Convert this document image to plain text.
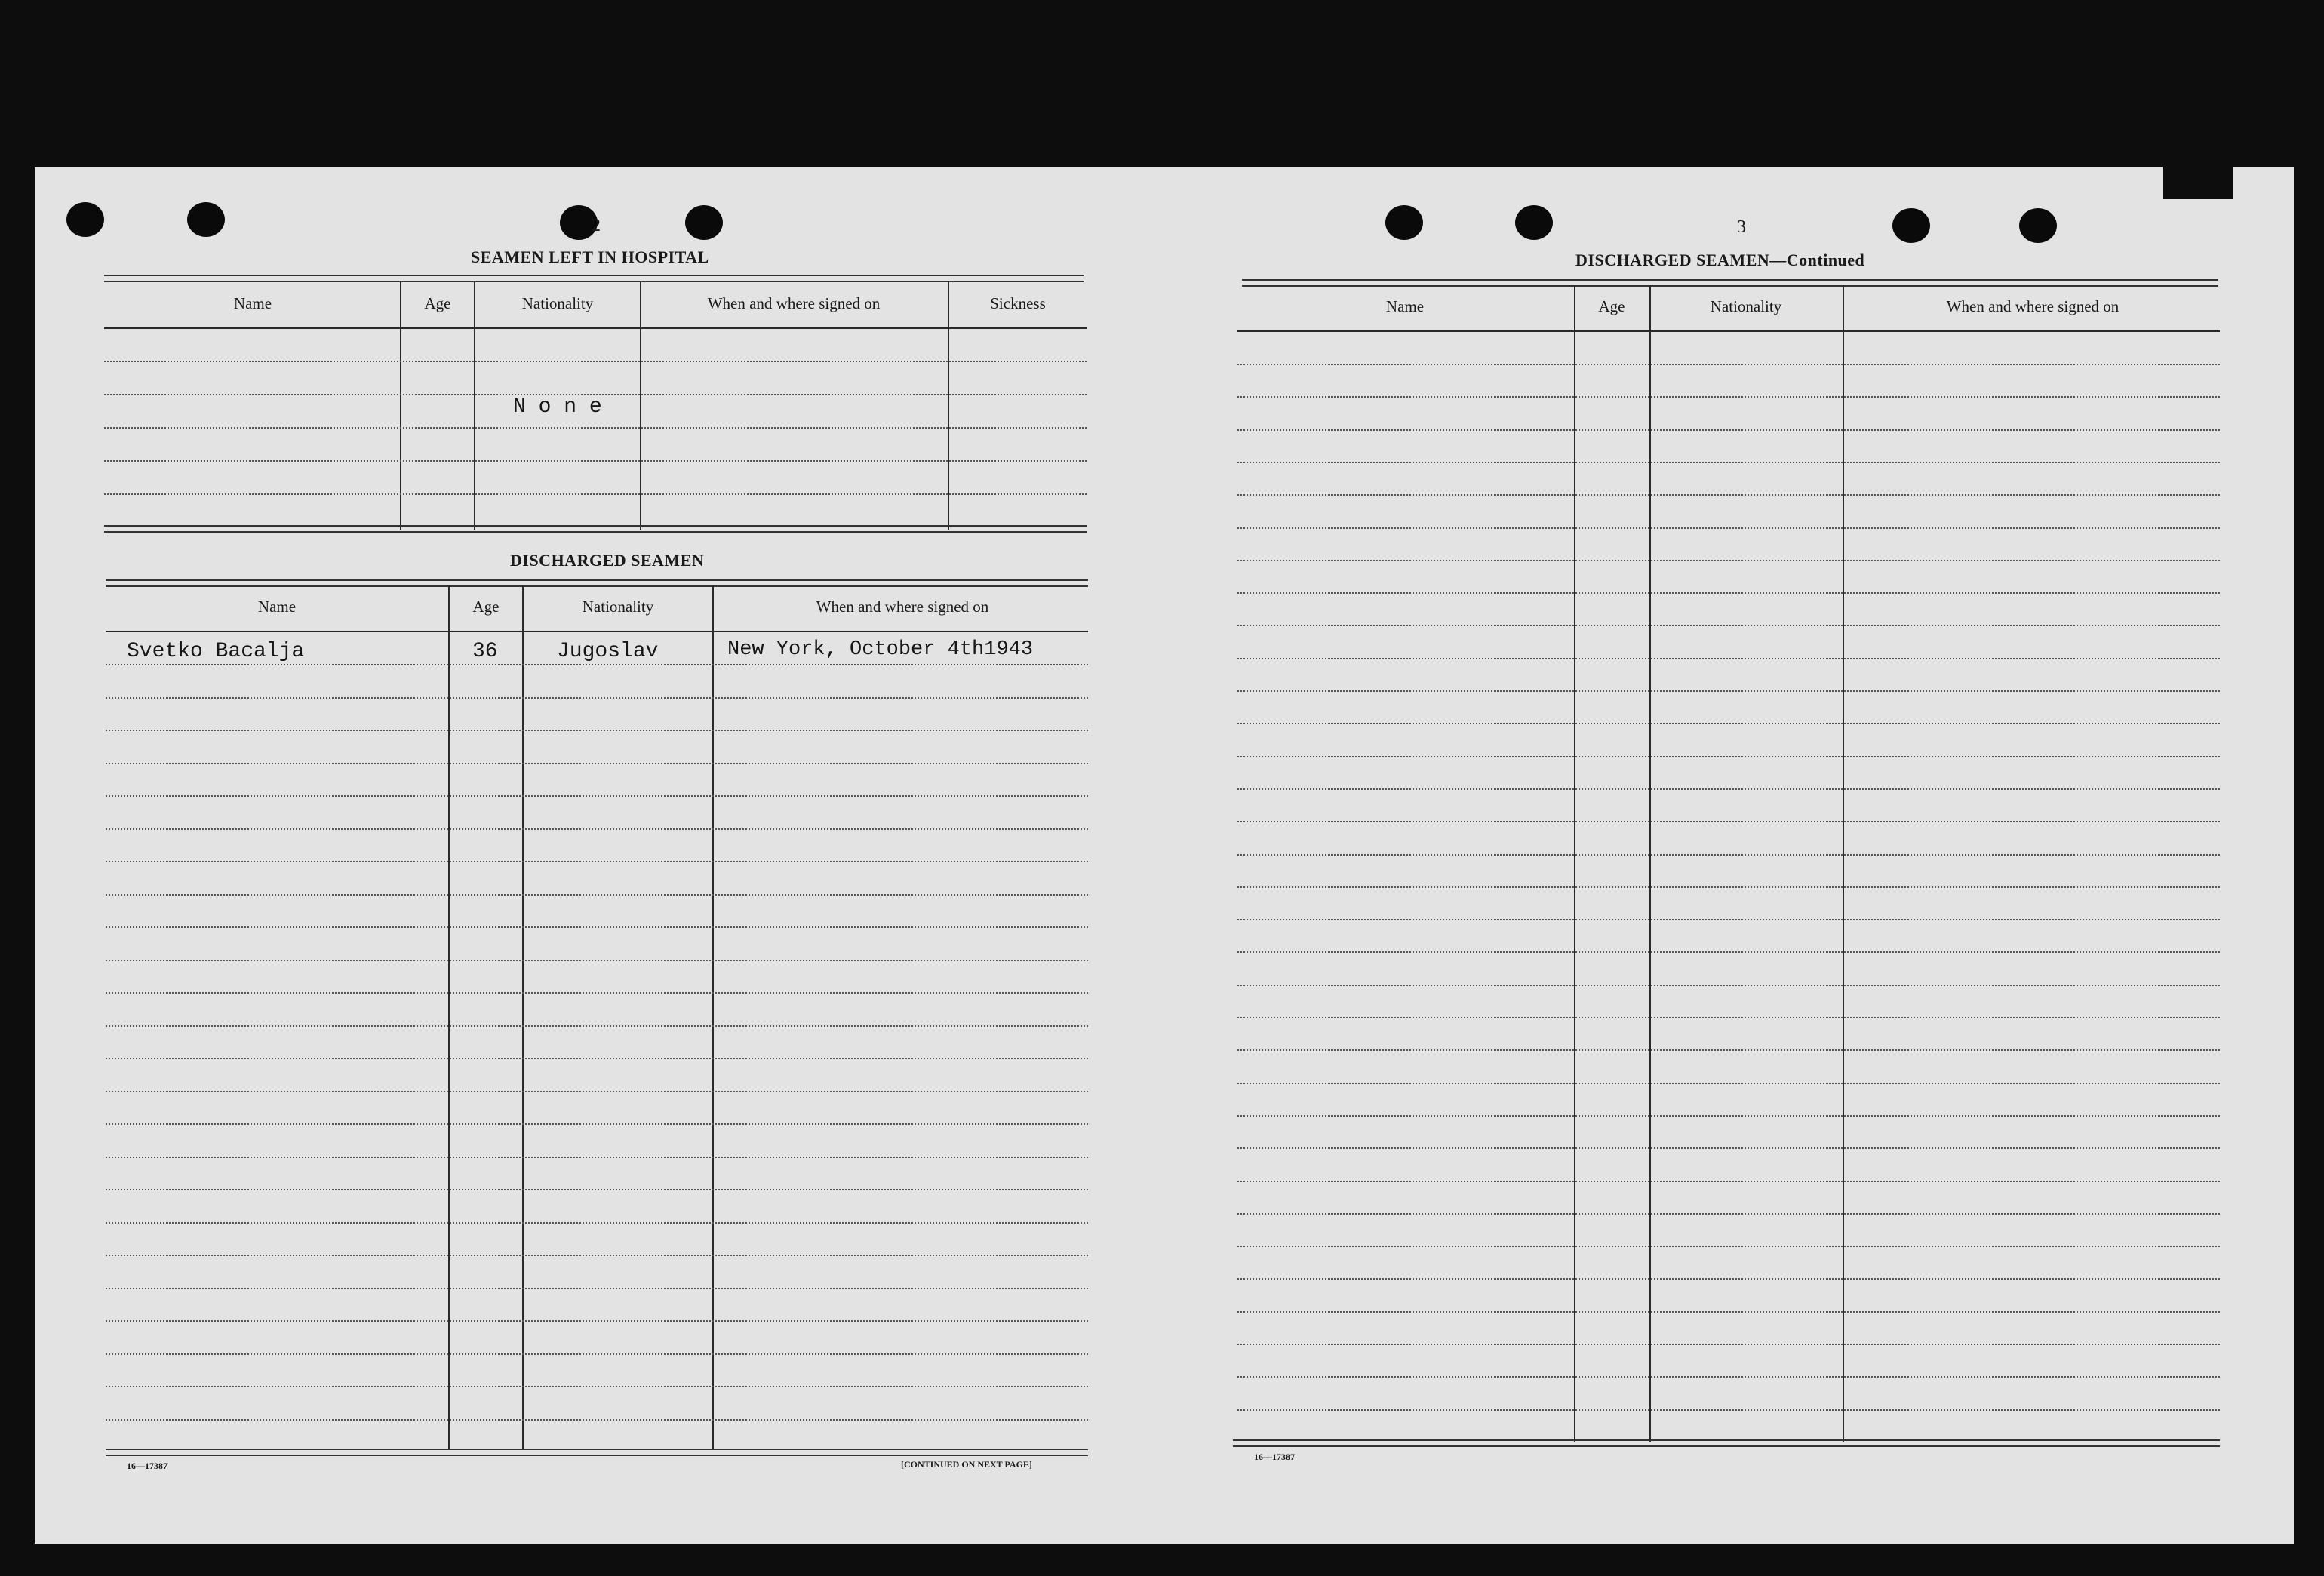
2
SEAMEN LEFT IN HOSPITAL
Name	Age	Nationality	When and where signed on	Sickness
N o n e
DISCHARGED SEAMEN
Name	Age	Nationality	When and where signed on
Svetko Bacalja	36	Jugoslav	New York, October 4th1943
16—17387	[CONTINUED ON NEXT PAGE]
3
DISCHARGED SEAMEN—Continued
Name	Age	Nationality	When and where signed on
16—17387
